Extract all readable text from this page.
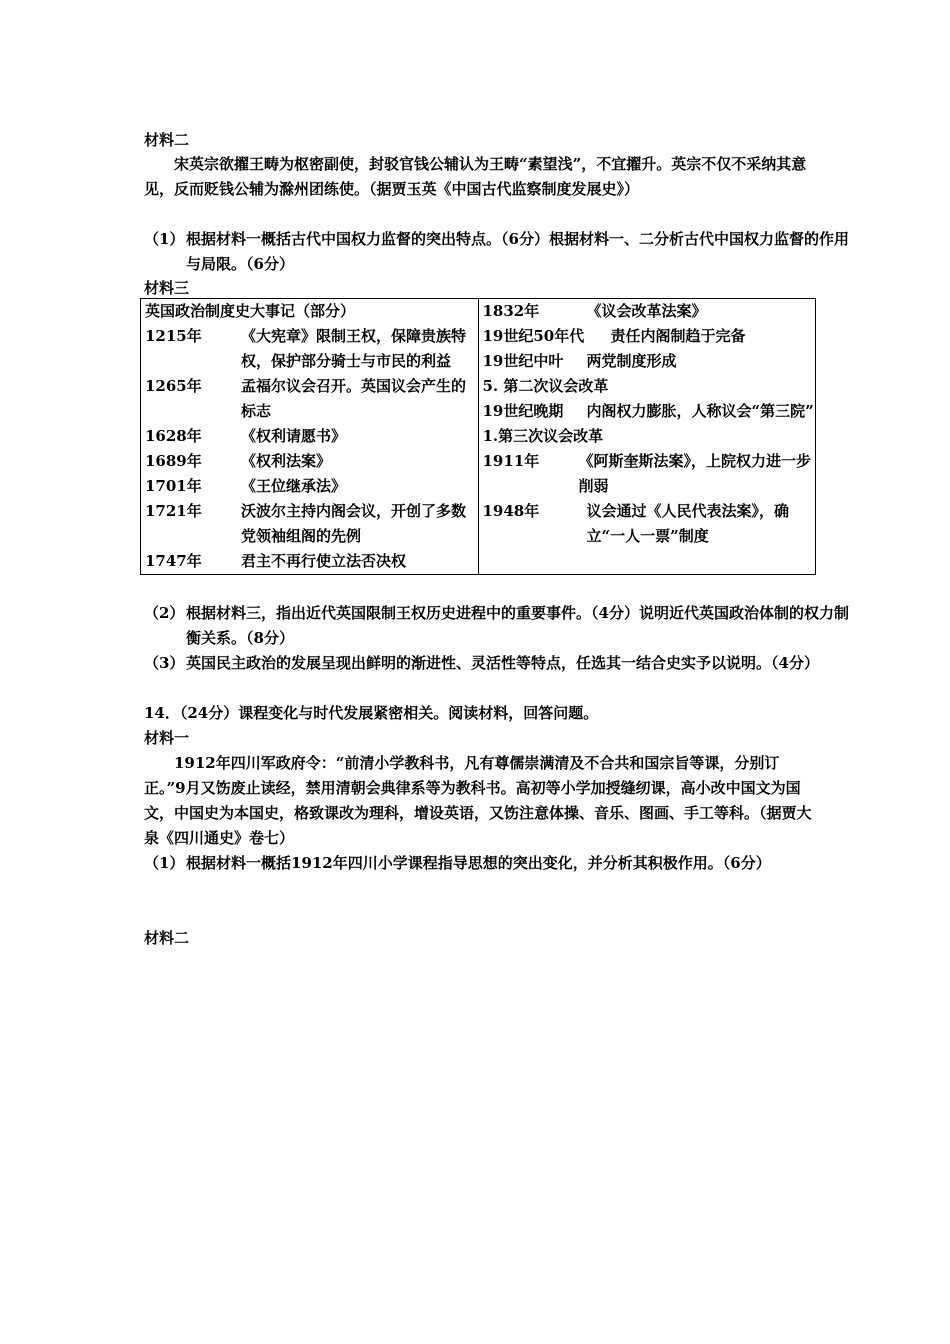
材料二
宋英宗欲擢王畴为枢密副使，封驳官钱公辅认为王畴“素望浅”，不宜擢升。英宗不仅不采纳其意见，反而贬钱公辅为滁州团练使。（据贾玉英《中国古代监察制度发展史》）
（1） 根据材料一概括古代中国权力监督的突出特点。（6分）根据材料一、二分析古代中国权力监督的作用与局限。（6分）
材料三
英国政治制度史大事记（部分）
1215年	《大宪章》限制王权，保障贵族特权，保护部分骑士与市民的利益
1265年	孟福尔议会召开。英国议会产生的标志
1628年	《权利请愿书》
1689年	《权利法案》
1701年	《王位继承法》
1721年	沃波尔主持内阁会议，开创了多数党领袖组阁的先例
1747年	君主不再行使立法否决权

1832年	《议会改革法案》
19世纪50年代	责任内阁制趋于完备
19世纪中叶	两党制度形成
5. 第二次议会改革
19世纪晚期	内阁权力膨胀，人称议会“第三院”
1.第三次议会改革
1911年	《阿斯奎斯法案》，上院权力进一步削弱
1948年	议会通过《人民代表法案》，确立“一人一票”制度
（2） 根据材料三，指出近代英国限制王权历史进程中的重要事件。（4分）说明近代英国政治体制的权力制衡关系。（8分）
（3） 英国民主政治的发展呈现出鲜明的渐进性、灵活性等特点，任选其一结合史实予以说明。（4分）
14．（24分）课程变化与时代发展紧密相关。阅读材料，回答问题。
材料一
1912年四川军政府令：“前清小学教科书，凡有尊儒崇满清及不合共和国宗旨等课，分别订正。”9月又饬废止读经，禁用清朝会典律系等为教科书。高初等小学加授缝纫课，高小改中国文为国文，中国史为本国史，格致课改为理科，增设英语，又饬注意体操、音乐、图画、手工等科。（据贾大泉《四川通史》卷七）
（1） 根据材料一概括1912年四川小学课程指导思想的突出变化，并分析其积极作用。（6分）
材料二
